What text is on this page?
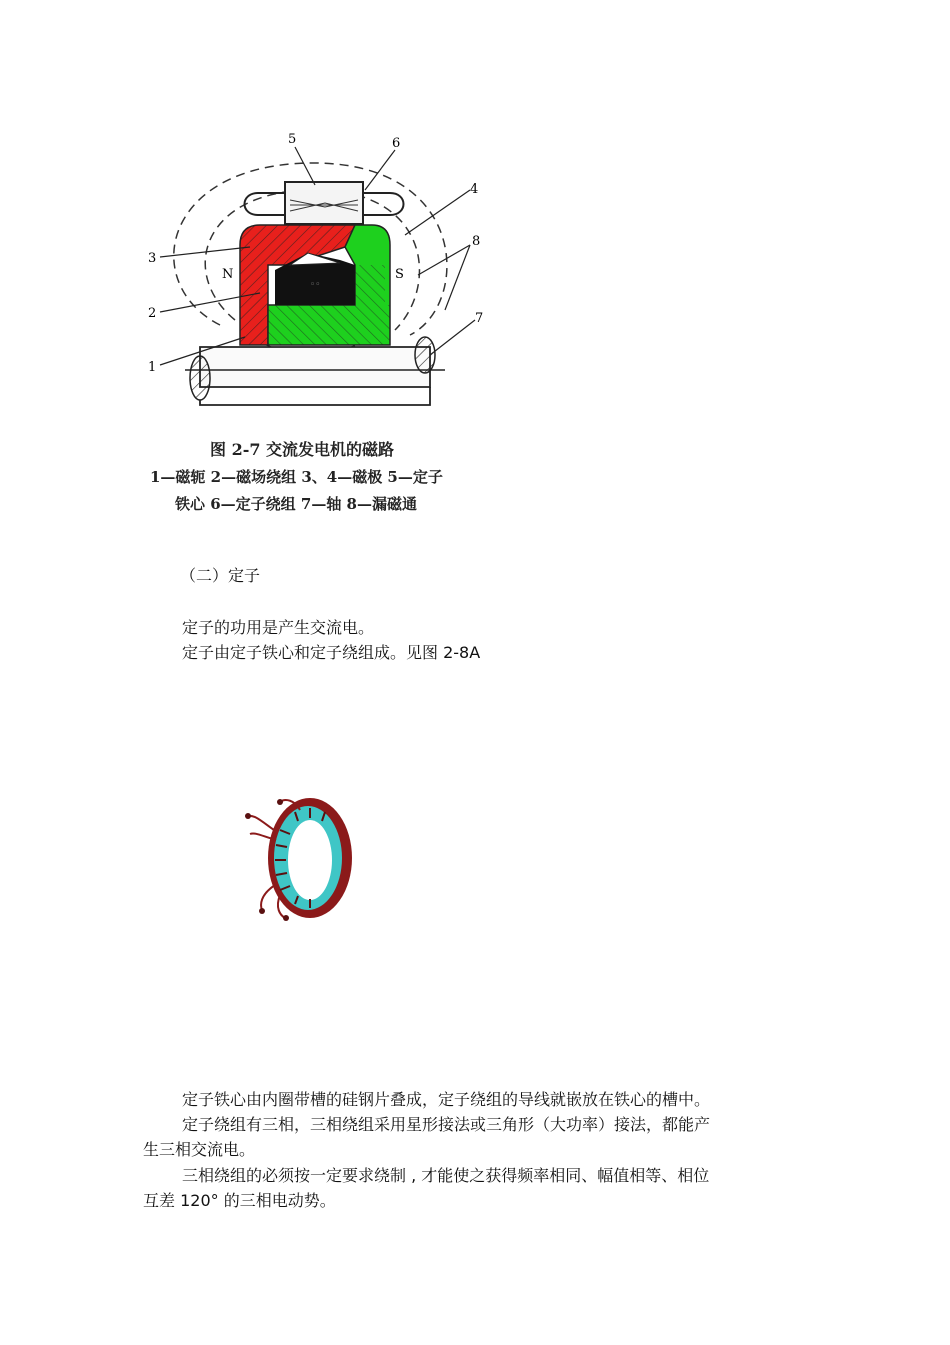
◦◦
5	6
4
8
3
2
1
7
N	S
图 2-7 交流发电机的磁路
1—磁轭 2—磁场绕组 3、4—磁极 5—定子
铁心 6—定子绕组 7—轴 8—漏磁通
（二）定子
定子的功用是产生交流电。
定子由定子铁心和定子绕组成。见图 2-8A
定子铁心由内圈带槽的硅钢片叠成，定子绕组的导线就嵌放在铁心的槽中。
定子绕组有三相，三相绕组采用星形接法或三角形（大功率）接法，都能产
生三相交流电。
三相绕组的必须按一定要求绕制 , 才能使之获得频率相同、幅值相等、相位
互差 120° 的三相电动势。
